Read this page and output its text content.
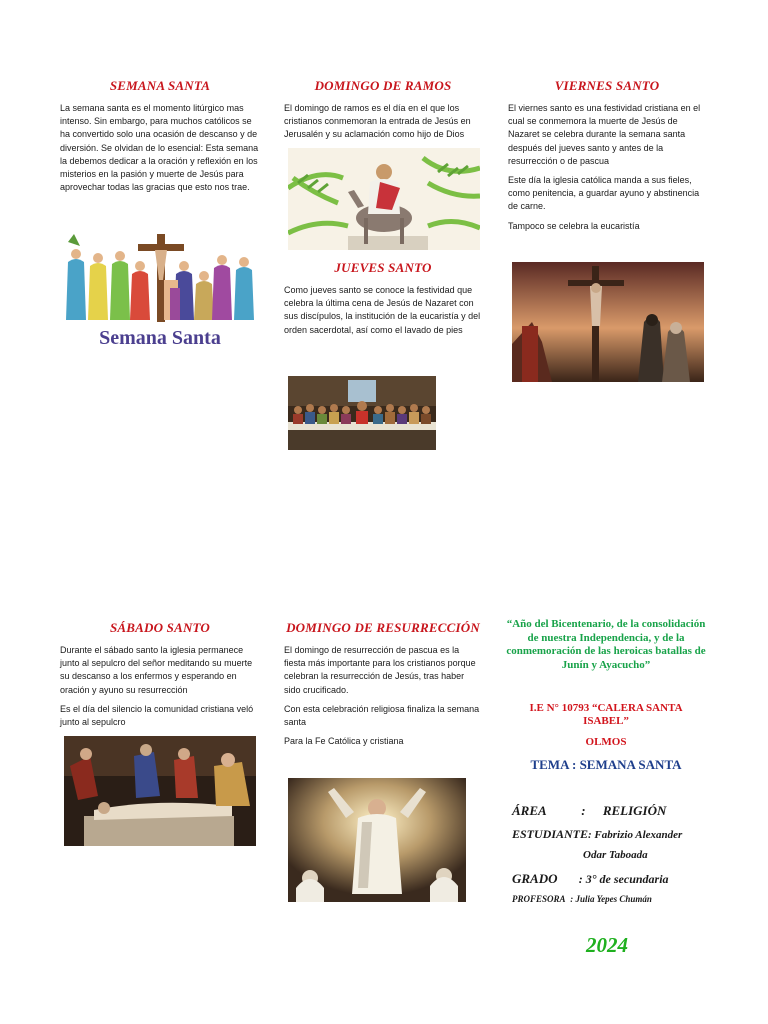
SEMANA SANTA

La semana santa es el momento litúrgico mas intenso. Sin embargo, para muchos católicos se ha convertido solo una ocasión de descanso y de diversión. Se olvidan de lo esencial: Esta semana la debemos dedicar a la oración y reflexión en los misterios en la pasión y muerte de Jesús para aprovechar todas las gracias que esto nos trae.

Semana Santa
DOMINGO DE RAMOS

El domingo de ramos es el día en el que los cristianos conmemoran la entrada de Jesús en Jerusalén y su aclamación como hijo de Dios

JUEVES SANTO

Como jueves santo se conoce la festividad que celebra la última cena de Jesús de Nazaret con sus discípulos, la institución de la eucaristía y del orden sacerdotal, así como el lavado de pies

VIERNES SANTO

El viernes santo es una festividad cristiana en el cual se conmemora la muerte de Jesús de Nazaret se celebra durante la semana santa después del jueves santo y antes de la resurrección o de pascua

Este día la iglesia católica manda a sus fieles, como penitencia, a guardar ayuno y abstinencia de carne.

Tampoco se celebra la eucaristía

SÁBADO SANTO

Durante el sábado santo la iglesia permanece junto al sepulcro del señor meditando su muerte su descanso a los enfermos y esperando en oración y ayuno su resurrección

Es el día del silencio la comunidad cristiana veló junto al sepulcro

DOMINGO DE RESURRECCIÓN

El domingo de resurrección de pascua es la fiesta más importante para los cristianos porque celebran la resurrección de Jesús, tras haber sido crucificado.

Con esta celebración religiosa finaliza la semana santa

Para la Fe Católica y cristiana

“Año del Bicentenario, de la consolidación de nuestra Independencia, y de la conmemoración de las heroicas batallas de Junín y Ayacucho”

I.E N° 10793 “CALERA SANTA

ISABEL”

OLMOS
TEMA : SEMANA SANTA
ÁREA	: RELIGIÓN
ESTUDIANTE: Fabrizio Alexander
Odar Taboada
GRADO : 3° de secundaria
PROFESORA : Julia Yepes Chumán
2024
